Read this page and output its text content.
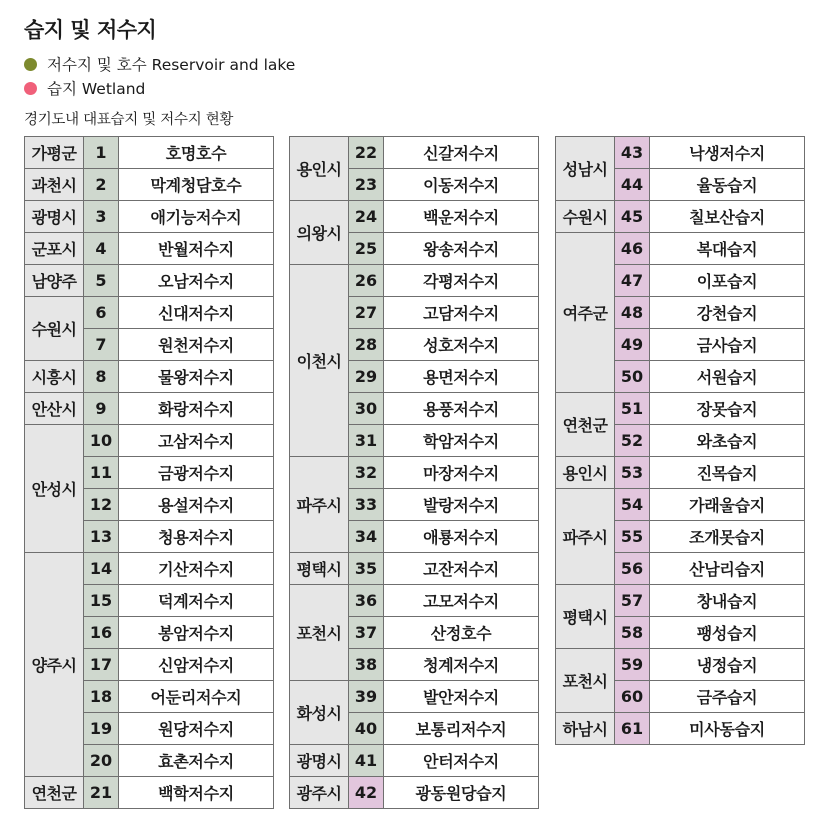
습지 및 저수지
저수지 및 호수 Reservoir and lake
습지 Wetland
경기도내 대표습지 및 저수지 현황
가평군	1	호명호수
과천시	2	막계청담호수
광명시	3	애기능저수지
군포시	4	반월저수지
남양주	5	오남저수지
수원시	6	신대저수지
	7	원천저수지
시흥시	8	물왕저수지
안산시	9	화랑저수지
안성시	10	고삼저수지
	11	금광저수지
	12	용설저수지
	13	청용저수지
양주시	14	기산저수지
	15	덕계저수지
	16	봉암저수지
	17	신암저수지
	18	어둔리저수지
	19	원당저수지
	20	효촌저수지
연천군	21	백학저수지
용인시	22	신갈저수지
	23	이동저수지
의왕시	24	백운저수지
	25	왕송저수지
이천시	26	각평저수지
	27	고담저수지
	28	성호저수지
	29	용면저수지
	30	용풍저수지
	31	학암저수지
파주시	32	마장저수지
	33	발랑저수지
	34	애룡저수지
평택시	35	고잔저수지
포천시	36	고모저수지
	37	산정호수
	38	청계저수지
화성시	39	발안저수지
	40	보통리저수지
광명시	41	안터저수지
광주시	42	광동원당습지
성남시	43	낙생저수지
	44	율동습지
수원시	45	칠보산습지
여주군	46	복대습지
	47	이포습지
	48	강천습지
	49	금사습지
	50	서원습지
연천군	51	장못습지
	52	와초습지
용인시	53	진목습지
파주시	54	가래울습지
	55	조개못습지
	56	산남리습지
평택시	57	창내습지
	58	팽성습지
포천시	59	냉정습지
	60	금주습지
하남시	61	미사동습지
